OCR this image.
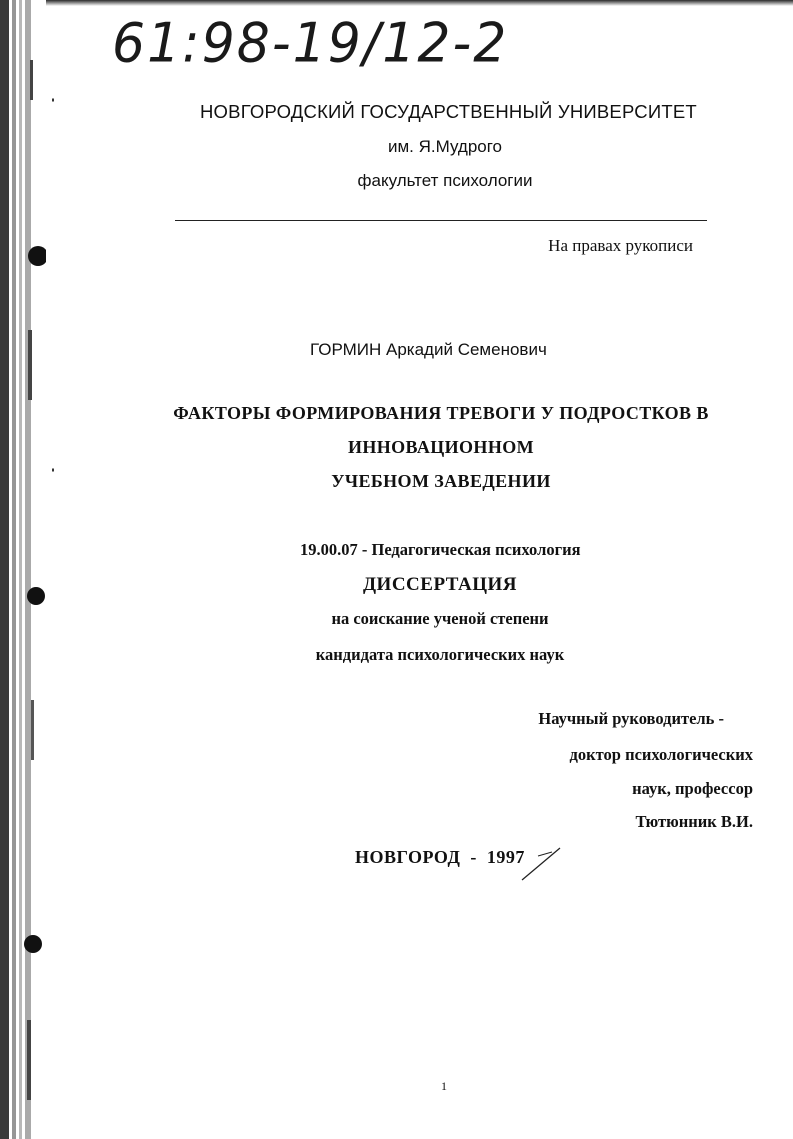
61:98-19/12-2
НОВГОРОДСКИЙ ГОСУДАРСТВЕННЫЙ УНИВЕРСИТЕТ
им. Я.Мудрого
факультет психологии
На правах рукописи
ГОРМИН Аркадий Семенович
ФАКТОРЫ ФОРМИРОВАНИЯ ТРЕВОГИ У ПОДРОСТКОВ В
ИННОВАЦИОННОМ
УЧЕБНОМ ЗАВЕДЕНИИ
19.00.07 - Педагогическая психология
ДИССЕРТАЦИЯ
на соискание ученой степени
кандидата психологических наук
Научный руководитель -
доктор психологических
наук, профессор
Тютюнник В.И.
НОВГОРОД  -  1997
1
